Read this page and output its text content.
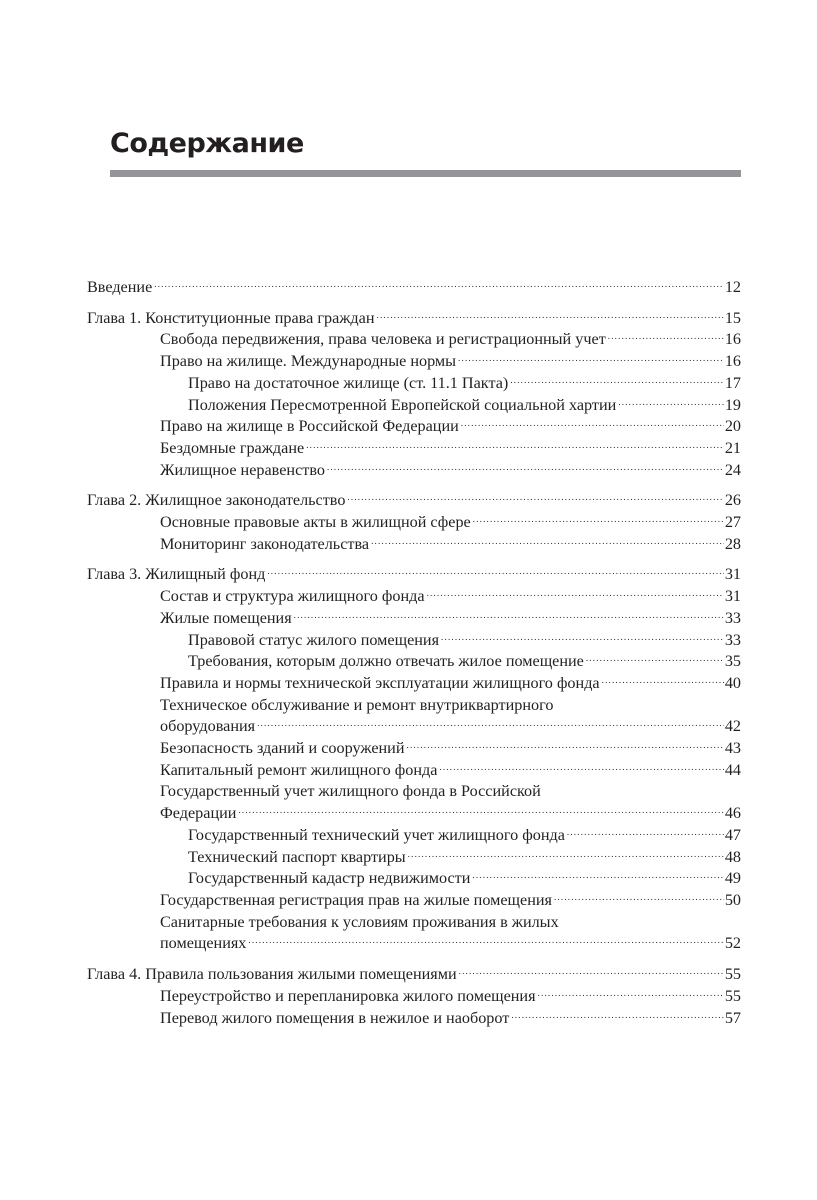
Содержание
Введение .....	12
Глава 1. Конституционные права граждан .....	15
Свобода передвижения, права человека и регистрационный учет .....	16
Право на жилище. Международные нормы .....	16
Право на достаточное жилище (ст. 11.1 Пакта) .....	17
Положения Пересмотренной Европейской социальной хартии .....	19
Право на жилище в Российской Федерации .....	20
Бездомные граждане .....	21
Жилищное неравенство .....	24
Глава 2. Жилищное законодательство .....	26
Основные правовые акты в жилищной сфере .....	27
Мониторинг законодательства .....	28
Глава 3. Жилищный фонд .....	31
Состав и структура жилищного фонда .....	31
Жилые помещения .....	33
Правовой статус жилого помещения .....	33
Требования, которым должно отвечать жилое помещение .....	35
Правила и нормы технической эксплуатации жилищного фонда .....	40
Техническое обслуживание и ремонт внутриквартирного
оборудования .....	42
Безопасность зданий и сооружений .....	43
Капитальный ремонт жилищного фонда .....	44
Государственный учет жилищного фонда в Российской
Федерации .....	46
Государственный технический учет жилищного фонда .....	47
Технический паспорт квартиры .....	48
Государственный кадастр недвижимости .....	49
Государственная регистрация прав на жилые помещения .....	50
Санитарные требования к условиям проживания в жилых
помещениях .....	52
Глава 4. Правила пользования жилыми помещениями .....	55
Переустройство и перепланировка жилого помещения .....	55
Перевод жилого помещения в нежилое и наоборот .....	57
